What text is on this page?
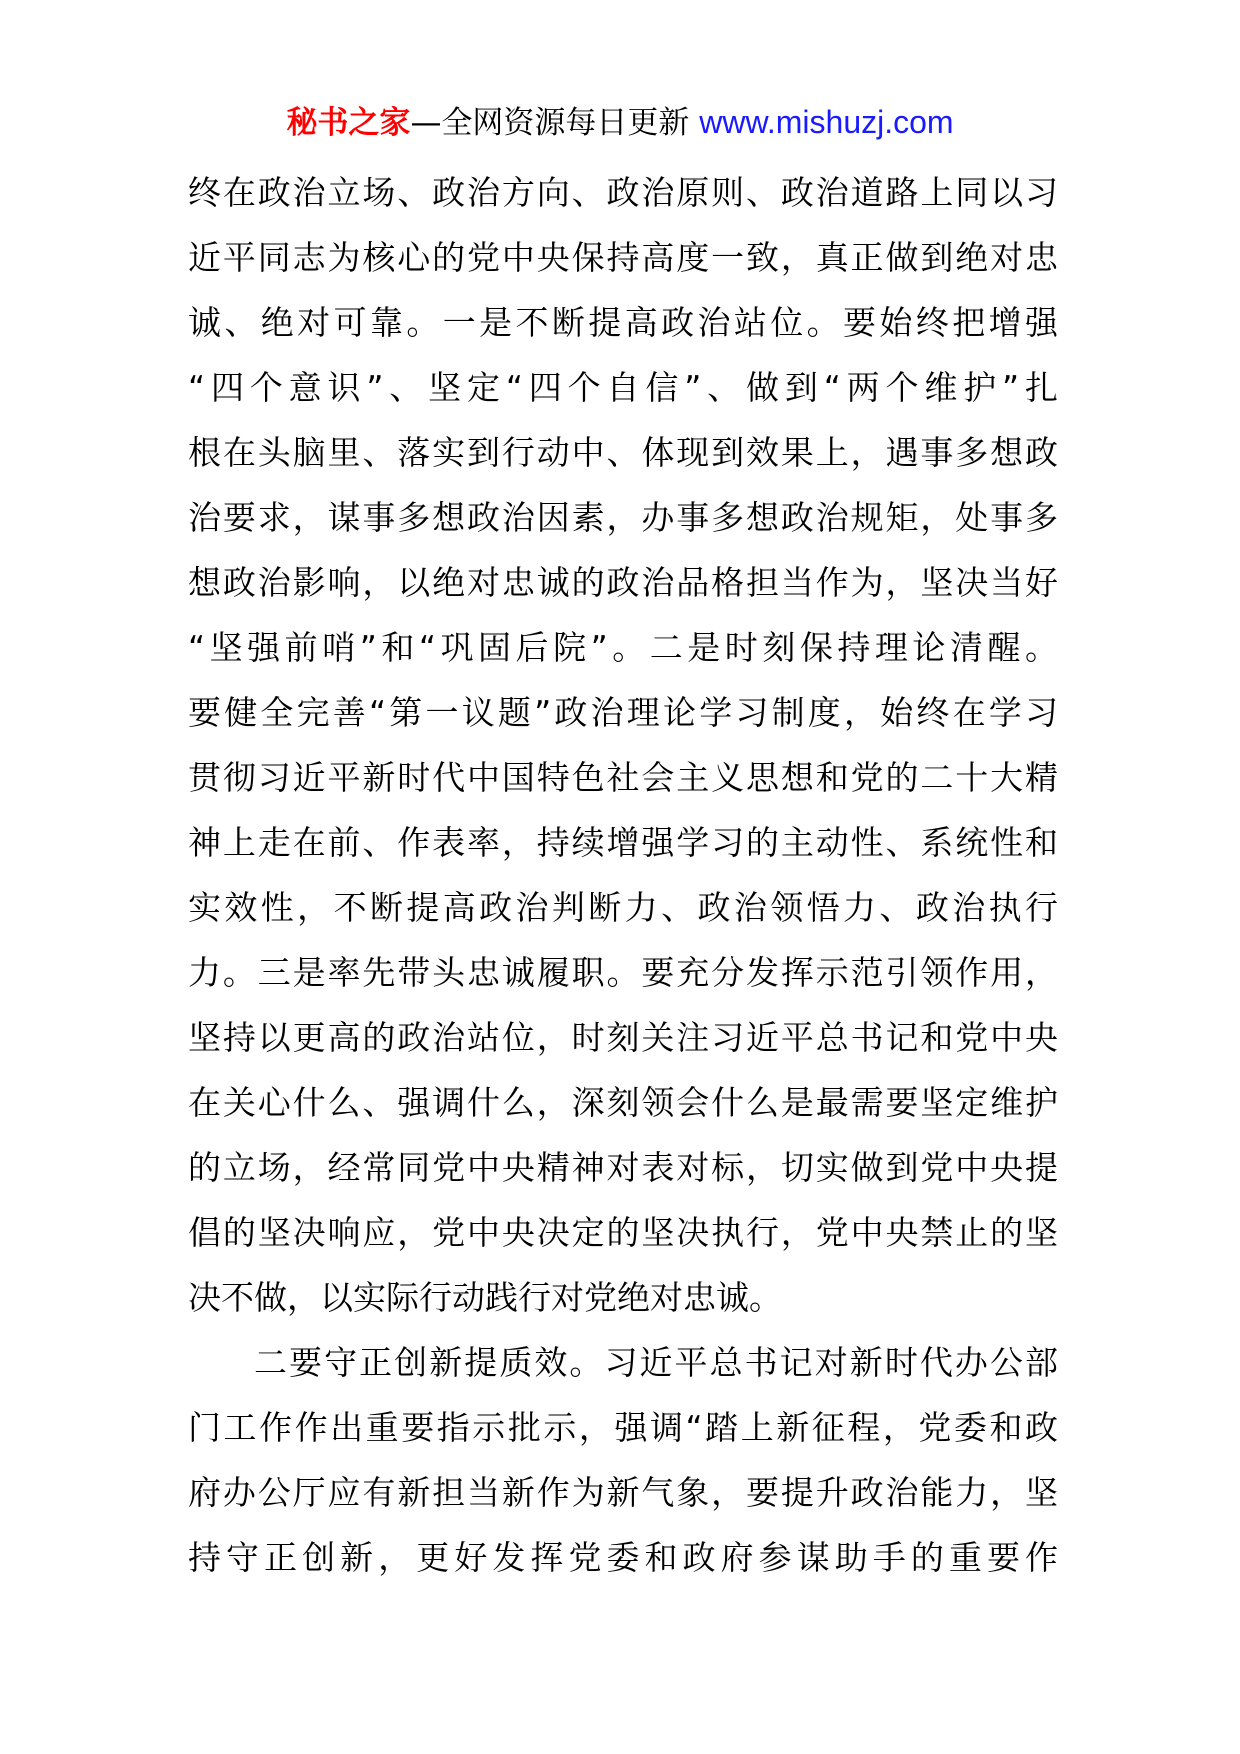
秘书之家—全网资源每日更新 www.mishuzj.com
终在政治立场、政治方向、政治原则、政治道路上同以习
近平同志为核心的党中央保持高度一致，真正做到绝对忠
诚、绝对可靠。一是不断提高政治站位。要始终把增强
“四个意识”、坚定“四个自信”、做到“两个维护”扎
根在头脑里、落实到行动中、体现到效果上，遇事多想政
治要求，谋事多想政治因素，办事多想政治规矩，处事多
想政治影响，以绝对忠诚的政治品格担当作为，坚决当好
“坚强前哨”和“巩固后院”。二是时刻保持理论清醒。
要健全完善“第一议题”政治理论学习制度，始终在学习
贯彻习近平新时代中国特色社会主义思想和党的二十大精
神上走在前、作表率，持续增强学习的主动性、系统性和
实效性，不断提高政治判断力、政治领悟力、政治执行
力。三是率先带头忠诚履职。要充分发挥示范引领作用，
坚持以更高的政治站位，时刻关注习近平总书记和党中央
在关心什么、强调什么，深刻领会什么是最需要坚定维护
的立场，经常同党中央精神对表对标，切实做到党中央提
倡的坚决响应，党中央决定的坚决执行，党中央禁止的坚
决不做，以实际行动践行对党绝对忠诚。
二要守正创新提质效。习近平总书记对新时代办公部
门工作作出重要指示批示，强调“踏上新征程，党委和政
府办公厅应有新担当新作为新气象，要提升政治能力，坚
持守正创新，更好发挥党委和政府参谋助手的重要作
